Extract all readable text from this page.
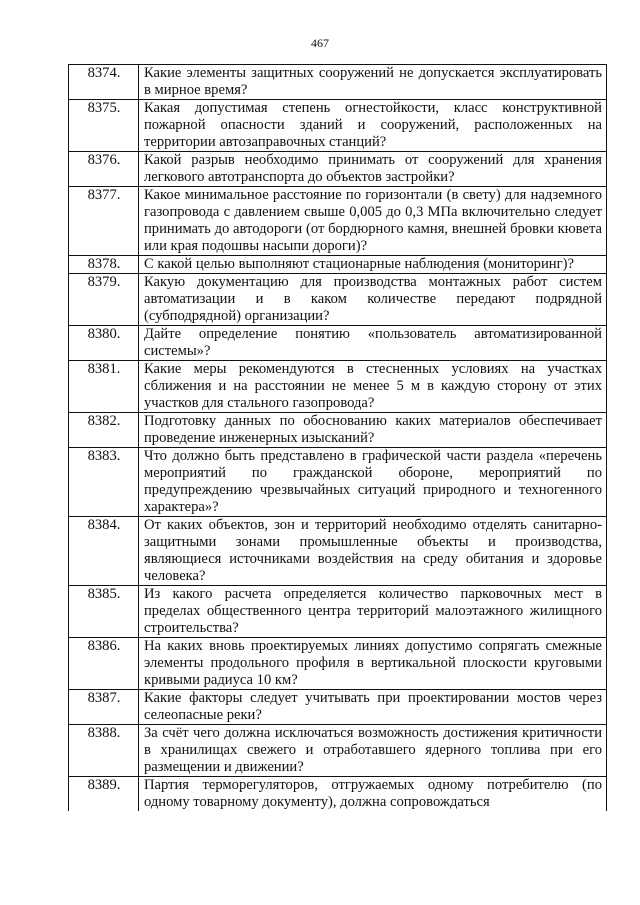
467
8374.	Какие элементы защитных сооружений не допускается эксплуатировать в мирное время?
8375.	Какая допустимая степень огнестойкости, класс конструктивной пожарной опасности зданий и сооружений, расположенных на территории автозаправочных станций?
8376.	Какой разрыв необходимо принимать от сооружений для хранения легкового автотранспорта до объектов застройки?
8377.	Какое минимальное расстояние по горизонтали (в свету) для надземного газопровода с давлением свыше 0,005 до 0,3 МПа включительно следует принимать до автодороги (от бордюрного камня, внешней бровки кювета или края подошвы насыпи дороги)?
8378.	С какой целью выполняют стационарные наблюдения (мониторинг)?
8379.	Какую документацию для производства монтажных работ систем автоматизации и в каком количестве передают подрядной (субподрядной) организации?
8380.	Дайте определение понятию «пользователь автоматизированной системы»?
8381.	Какие меры рекомендуются в стесненных условиях на участках сближения и на расстоянии не менее 5 м в каждую сторону от этих участков для стального газопровода?
8382.	Подготовку данных по обоснованию каких материалов обеспечивает проведение инженерных изысканий?
8383.	Что должно быть представлено в графической части раздела «перечень мероприятий по гражданской обороне, мероприятий по предупреждению чрезвычайных ситуаций природного и техногенного характера»?
8384.	От каких объектов, зон и территорий необходимо отделять санитарно-защитными зонами промышленные объекты и производства, являющиеся источниками воздействия на среду обитания и здоровье человека?
8385.	Из какого расчета определяется количество парковочных мест в пределах общественного центра территорий малоэтажного жилищного строительства?
8386.	На каких вновь проектируемых линиях допустимо сопрягать смежные элементы продольного профиля в вертикальной плоскости круговыми кривыми радиуса 10 км?
8387.	Какие факторы следует учитывать при проектировании мостов через селеопасные реки?
8388.	За счёт чего должна исключаться возможность достижения критичности в хранилищах свежего и отработавшего ядерного топлива при его размещении и движении?
8389.	Партия терморегуляторов, отгружаемых одному потребителю (по одному товарному документу), должна сопровождаться
